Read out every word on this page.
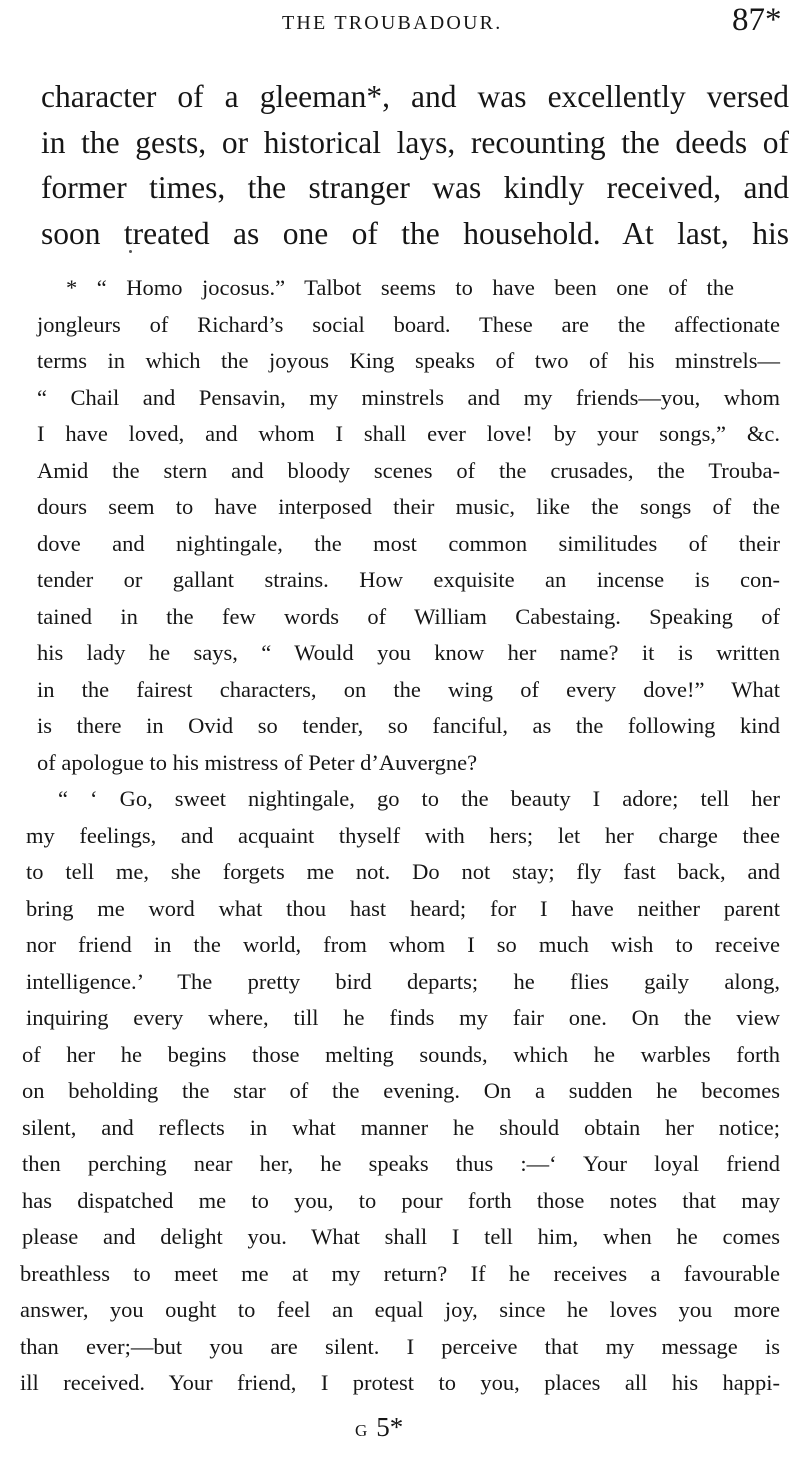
THE TROUBADOUR.	87*
character of a gleeman*, and was excellently versed
in the gests, or historical lays, recounting the deeds of
former times, the stranger was kindly received, and
soon treated as one of the household. At last, his
* “ Homo jocosus.” Talbot seems to have been one of the
jongleurs of Richard’s social board. These are the affectionate
terms in which the joyous King speaks of two of his minstrels—
“ Chail and Pensavin, my minstrels and my friends—you, whom
I have loved, and whom I shall ever love! by your songs,” &c.
Amid the stern and bloody scenes of the crusades, the Trouba-
dours seem to have interposed their music, like the songs of the
dove and nightingale, the most common similitudes of their
tender or gallant strains. How exquisite an incense is con-
tained in the few words of William Cabestaing. Speaking of
his lady he says, “ Would you know her name? it is written
in the fairest characters, on the wing of every dove!” What
is there in Ovid so tender, so fanciful, as the following kind
of apologue to his mistress of Peter d’Auvergne?
“ ‘ Go, sweet nightingale, go to the beauty I adore; tell her
my feelings, and acquaint thyself with hers; let her charge thee
to tell me, she forgets me not. Do not stay; fly fast back, and
bring me word what thou hast heard; for I have neither parent
nor friend in the world, from whom I so much wish to receive
intelligence.’ The pretty bird departs; he flies gaily along,
inquiring every where, till he finds my fair one. On the view
of her he begins those melting sounds, which he warbles forth
on beholding the star of the evening. On a sudden he becomes
silent, and reflects in what manner he should obtain her notice;
then perching near her, he speaks thus :—‘ Your loyal friend
has dispatched me to you, to pour forth those notes that may
please and delight you. What shall I tell him, when he comes
breathless to meet me at my return? If he receives a favourable
answer, you ought to feel an equal joy, since he loves you more
than ever;—but you are silent. I perceive that my message is
ill received. Your friend, I protest to you, places all his happi-
G 5*
